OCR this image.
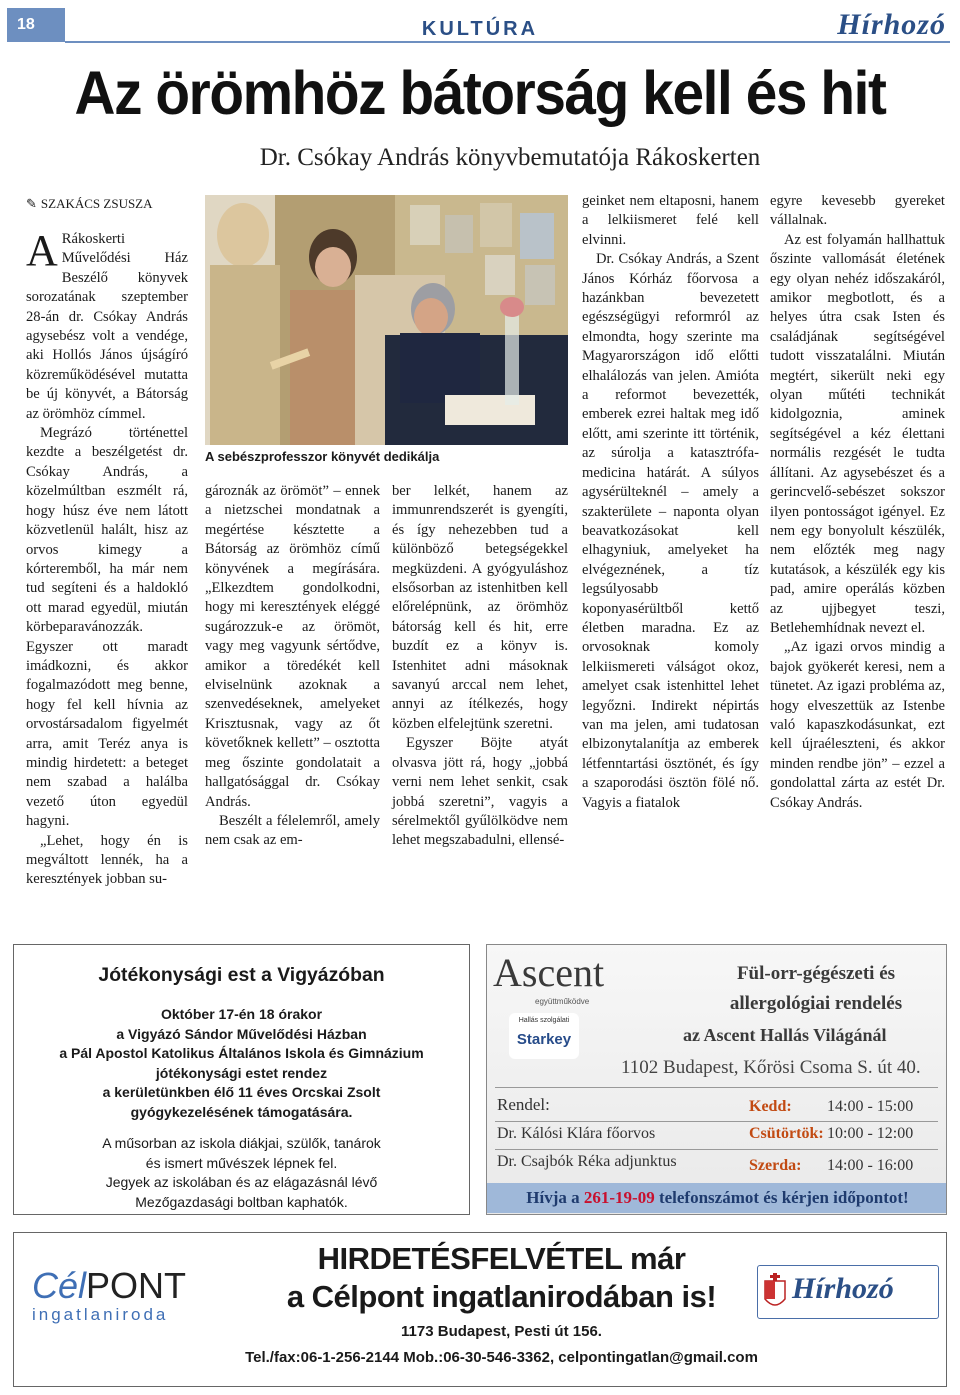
18	KULTÚRA	Hírhozó
Az örömhöz bátorság kell és hit
Dr. Csókay András könyvbemutatója Rákoskerten
✎ SZAKÁCS ZSUSZA

A Rákoskerti Művelődési Ház Beszélő könyvek sorozatának szeptember 28-án dr. Csókay András agysebész volt a vendége, aki Hollós János újságíró közreműködésével mutatta be új könyvét, a Bátorság az örömhöz címmel.

Megrázó történettel kezdte a beszélgetést dr. Csókay András, a közelmúltban eszmélt rá, hogy húsz éve nem látott közvetlenül halált, hisz az orvos kimegy a kórteremből, ha már nem tud segíteni és a haldokló ott marad egyedül, miután körbeparavánozzák. Egyszer ott maradt imádkozni, és akkor fogalmazódott meg benne, hogy fel kell hívnia az orvostársadalom figyelmét arra, amit Teréz anya is mindig hirdetett: a beteget nem szabad a halálba vezető úton egyedül hagyni.

„Lehet, hogy én is megváltott lennék, ha a keresztények jobban su-

A sebészprofesszor könyvét dedikálja

gároznák az örömöt” – ennek a nietzschei mondatnak a megértése késztette a Bátorság az örömhöz című könyvének a megírására. „Elkezdtem gondolkodni, hogy mi keresztények eléggé sugározzuk-e az örömöt, vagy meg vagyunk sértődve, amikor a töredékét kell elviselnünk azoknak a szenvedéseknek, amelyeket Krisztusnak, vagy az őt követőknek kellett” – osztotta meg őszinte gondolatait a hallgatósággal dr. Csókay András.

Beszélt a félelemről, amely nem csak az em-

ber lelkét, hanem az immunrendszerét is gyengíti, és így nehezebben tud a különböző betegségekkel megküzdeni. A gyógyuláshoz elsősorban az istenhitben kell előrelépnünk, az örömhöz bátorság kell és hit, erre buzdít ez a könyv is. Istenhitet adni másoknak savanyú arccal nem lehet, annyi az ítélkezés, hogy közben elfelejtünk szeretni.

Egyszer Böjte atyát olvasva jött rá, hogy „jobbá verni nem lehet senkit, csak jobbá szeretni”, vagyis a sérelmektől gyűlölködve nem lehet megszabadulni, ellensé-

geinket nem eltaposni, hanem a lelkiismeret felé kell elvinni.

Dr. Csókay András, a Szent János Kórház főorvosa a hazánkban bevezetett egészségügyi reformról az elmondta, hogy szerinte ma Magyarországon idő előtti elhalálozás van jelen. Amióta a reformot bevezették, emberek ezrei haltak meg idő előtt, ami szerinte itt történik, az súrolja a katasztrófa-medicina határát. A súlyos agysérülteknél – amely a szakterülete – naponta olyan beavatkozásokat kell elhagyniuk, amelyeket ha elvégeznének, a tíz legsúlyosabb koponyasérültből kettő életben maradna. Ez az orvosoknak komoly lelkiismereti válságot okoz, amelyet csak istenhittel lehet legyőzni. Indirekt népirtás van ma jelen, ami tudatosan elbizonytalanítja az emberek létfenntartási ösztönét, és így a szaporodási ösztön fölé nő. Vagyis a fiatalok

egyre kevesebb gyereket vállalnak.

Az est folyamán hallhattuk őszinte vallomását életének egy olyan nehéz időszakáról, amikor megbotlott, és a helyes útra csak Isten és családjának segítségével tudott visszatalálni. Miután megtért, sikerült neki egy olyan műtéti technikát kidolgoznia, aminek segítségével a kéz élettani normális rezgését le tudta állítani. Az agysebészet és a gerincvelő-sebészet sokszor ilyen pontosságot igényel. Ez nem egy bonyolult készülék, nem előzték meg nagy kutatások, a készülék egy kis pad, amire operálás közben az ujjbegyet teszi, Betlehemhídnak nevezt el.

„Az igazi orvos mindig a bajok gyökerét keresi, nem a tünetet. Az igazi probléma az, hogy elveszettük az Istenbe való kapaszkodásunkat, ezt kell újraéleszteni, és akkor minden rendbe jön” – ezzel a gondolattal zárta az estét Dr. Csókay András.

Jótékonysági est a Vigyázóban
Október 17-én 18 órakor
a Vigyázó Sándor Művelődési Házban
a Pál Apostol Katolikus Általános Iskola és Gimnázium
jótékonysági estet rendez
a kerületünkben élő 11 éves Orcskai Zsolt
gyógykezelésének támogatására.
A műsorban az iskola diákjai, szülők, tanárok
és ismert művészek lépnek fel.
Jegyek az iskolában és az elágazásnál lévő
Mezőgazdasági boltban kaphatók.
Ascent
együttműködve
Hallás szolgálati
Starkey
Fül-orr-gégészeti és
allergológiai rendelés
az Ascent Hallás Világánál
1102 Budapest, Kőrösi Csoma S. út 40.
Rendel:	Kedd: 14:00 - 15:00
Dr. Kálósi Klára főorvos	Csütörtök: 10:00 - 12:00
Dr. Csajbók Réka adjunktus	Szerda: 14:00 - 16:00
Hívja a 261-19-09 telefonszámot és kérjen időpontot!
CélPONT
ingatlaniroda
HIRDETÉSFELVÉTEL már
a Célpont ingatlanirodában is!
1173 Budapest, Pesti út 156.
Tel./fax:06-1-256-2144 Mob.:06-30-546-3362, celpontingatlan@gmail.com
Hírhozó
